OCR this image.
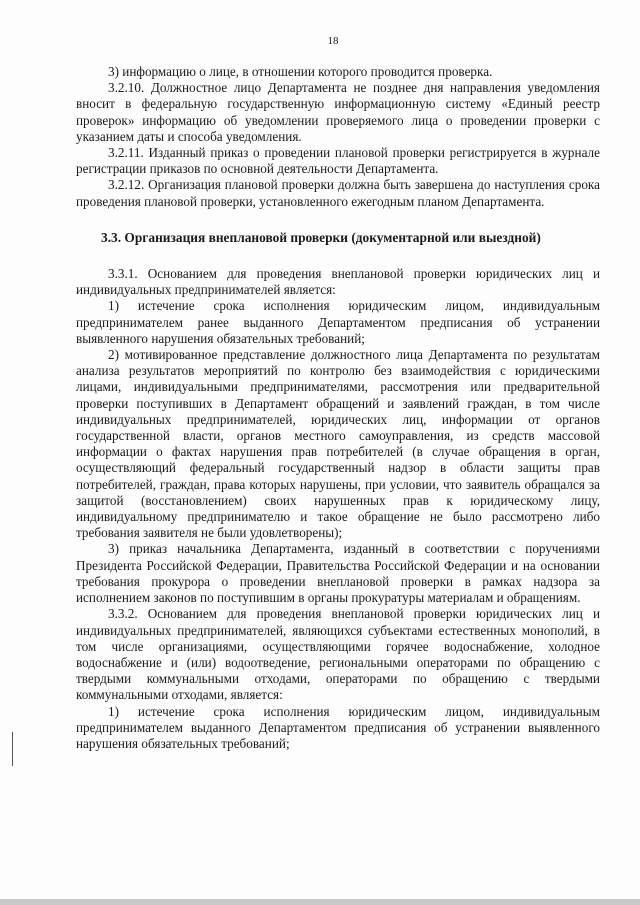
18

3) информацию о лице, в отношении которого проводится проверка.

3.2.10. Должностное лицо Департамента не позднее дня направления уведомления вносит в федеральную государственную информационную систему «Единый реестр проверок» информацию об уведомлении проверяемого лица о проведении проверки с указанием даты и способа уведомления.

3.2.11. Изданный приказ о проведении плановой проверки регистрируется в журнале регистрации приказов по основной деятельности Департамента.

3.2.12. Организация плановой проверки должна быть завершена до наступления срока проведения плановой проверки, установленного ежегодным планом Департамента.

3.3. Организация внеплановой проверки (документарной или выездной)

3.3.1. Основанием для проведения внеплановой проверки юридических лиц и индивидуальных предпринимателей является:

1) истечение срока исполнения юридическим лицом, индивидуальным предпринимателем ранее выданного Департаментом предписания об устранении выявленного нарушения обязательных требований;

2) мотивированное представление должностного лица Департамента по результатам анализа результатов мероприятий по контролю без взаимодействия с юридическими лицами, индивидуальными предпринимателями, рассмотрения или предварительной проверки поступивших в Департамент обращений и заявлений граждан, в том числе индивидуальных предпринимателей, юридических лиц, информации от органов государственной власти, органов местного самоуправления, из средств массовой информации о фактах нарушения прав потребителей (в случае обращения в орган, осуществляющий федеральный государственный надзор в области защиты прав потребителей, граждан, права которых нарушены, при условии, что заявитель обращался за защитой (восстановлением) своих нарушенных прав к юридическому лицу, индивидуальному предпринимателю и такое обращение не было рассмотрено либо требования заявителя не были удовлетворены);

3) приказ начальника Департамента, изданный в соответствии с поручениями Президента Российской Федерации, Правительства Российской Федерации и на основании требования прокурора о проведении внеплановой проверки в рамках надзора за исполнением законов по поступившим в органы прокуратуры материалам и обращениям.

3.3.2. Основанием для проведения внеплановой проверки юридических лиц и индивидуальных предпринимателей, являющихся субъектами естественных монополий, в том числе организациями, осуществляющими горячее водоснабжение, холодное водоснабжение и (или) водоотведение, региональными операторами по обращению с твердыми коммунальными отходами, операторами по обращению с твердыми коммунальными отходами, является:

1) истечение срока исполнения юридическим лицом, индивидуальным предпринимателем выданного Департаментом предписания об устранении выявленного нарушения обязательных требований;
